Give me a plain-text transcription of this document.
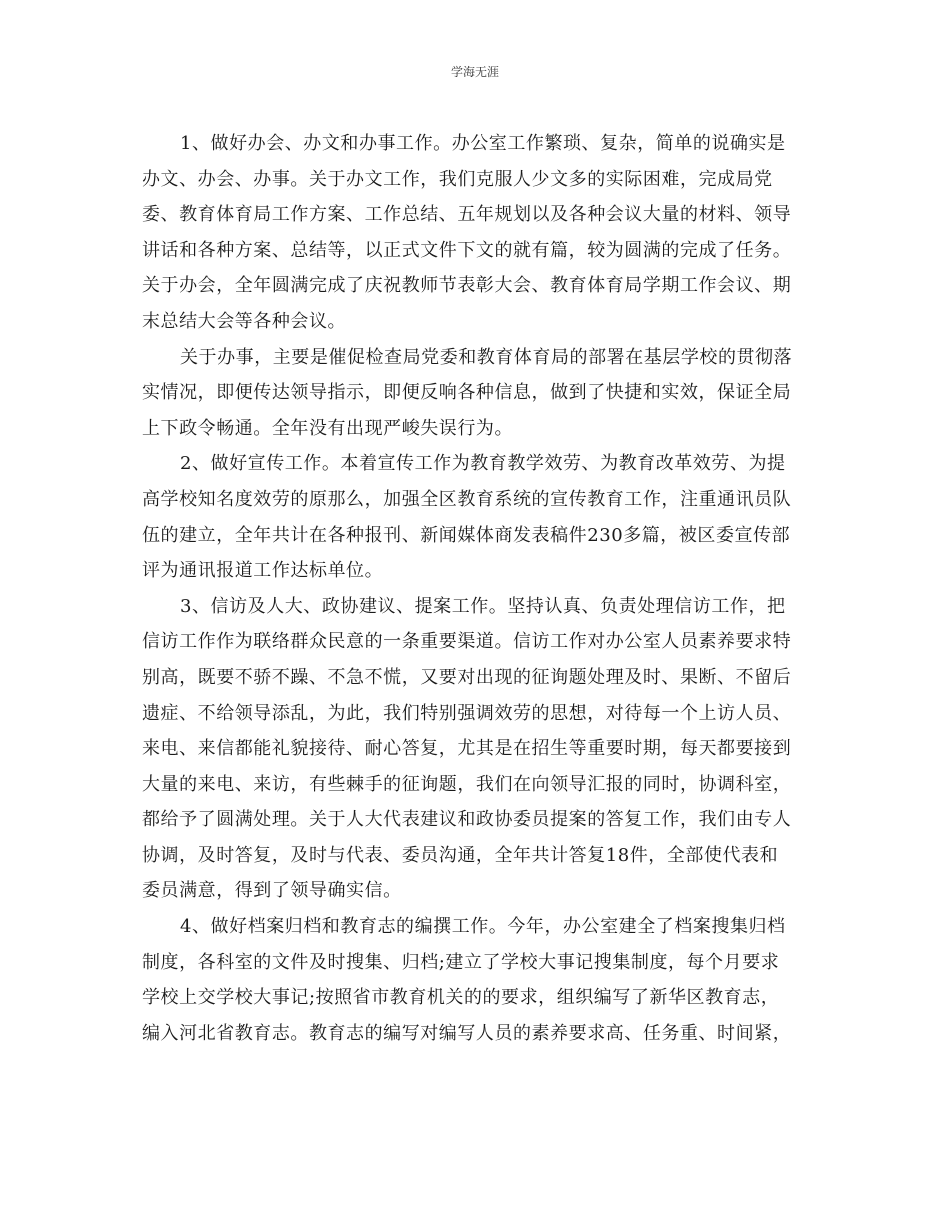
学海无涯
1、做好办会、办文和办事工作。办公室工作繁琐、复杂，简单的说确实是
办文、办会、办事。关于办文工作，我们克服人少文多的实际困难，完成局党
委、教育体育局工作方案、工作总结、五年规划以及各种会议大量的材料、领导
讲话和各种方案、总结等，以正式文件下文的就有篇，较为圆满的完成了任务。
关于办会，全年圆满完成了庆祝教师节表彰大会、教育体育局学期工作会议、期
末总结大会等各种会议。
关于办事，主要是催促检查局党委和教育体育局的部署在基层学校的贯彻落
实情况，即便传达领导指示，即便反响各种信息，做到了快捷和实效，保证全局
上下政令畅通。全年没有出现严峻失误行为。
2、做好宣传工作。本着宣传工作为教育教学效劳、为教育改革效劳、为提
高学校知名度效劳的原那么，加强全区教育系统的宣传教育工作，注重通讯员队
伍的建立，全年共计在各种报刊、新闻媒体商发表稿件230多篇，被区委宣传部
评为通讯报道工作达标单位。
3、信访及人大、政协建议、提案工作。坚持认真、负责处理信访工作，把
信访工作作为联络群众民意的一条重要渠道。信访工作对办公室人员素养要求特
别高，既要不骄不躁、不急不慌，又要对出现的征询题处理及时、果断、不留后
遗症、不给领导添乱，为此，我们特别强调效劳的思想，对待每一个上访人员、
来电、来信都能礼貌接待、耐心答复，尤其是在招生等重要时期，每天都要接到
大量的来电、来访，有些棘手的征询题，我们在向领导汇报的同时，协调科室，
都给予了圆满处理。关于人大代表建议和政协委员提案的答复工作，我们由专人
协调，及时答复，及时与代表、委员沟通，全年共计答复18件，全部使代表和
委员满意，得到了领导确实信。
4、做好档案归档和教育志的编撰工作。今年，办公室建全了档案搜集归档
制度，各科室的文件及时搜集、归档;建立了学校大事记搜集制度，每个月要求
学校上交学校大事记;按照省市教育机关的的要求，组织编写了新华区教育志，
编入河北省教育志。教育志的编写对编写人员的素养要求高、任务重、时间紧，
